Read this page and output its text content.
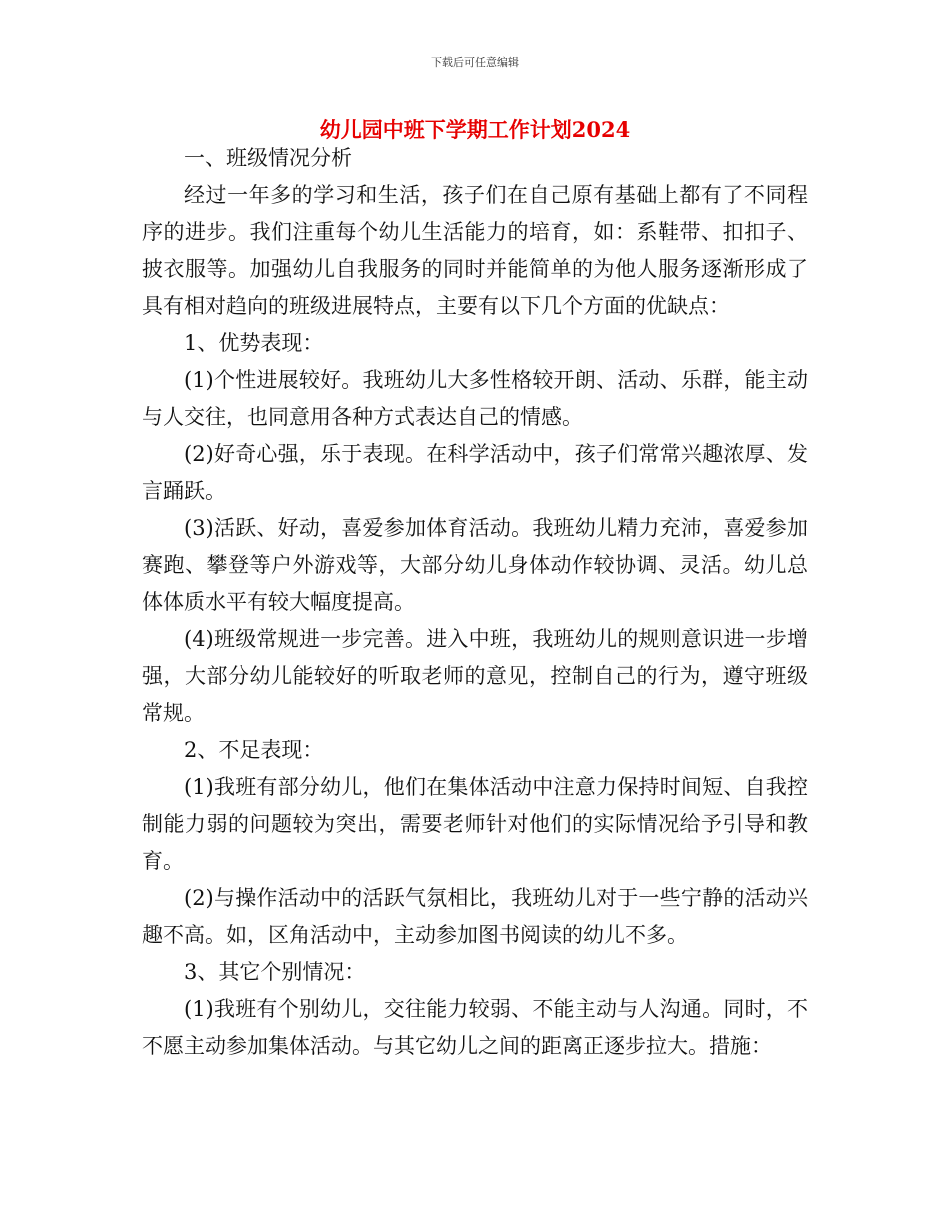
下载后可任意编辑
幼儿园中班下学期工作计划2024

一、班级情况分析

经过一年多的学习和生活，孩子们在自己原有基础上都有了不同程序的进步。我们注重每个幼儿生活能力的培育，如：系鞋带、扣扣子、披衣服等。加强幼儿自我服务的同时并能简单的为他人服务逐渐形成了具有相对趋向的班级进展特点，主要有以下几个方面的优缺点：

1、优势表现：

(1)个性进展较好。我班幼儿大多性格较开朗、活动、乐群，能主动与人交往，也同意用各种方式表达自己的情感。

(2)好奇心强，乐于表现。在科学活动中，孩子们常常兴趣浓厚、发言踊跃。

(3)活跃、好动，喜爱参加体育活动。我班幼儿精力充沛，喜爱参加赛跑、攀登等户外游戏等，大部分幼儿身体动作较协调、灵活。幼儿总体体质水平有较大幅度提高。

(4)班级常规进一步完善。进入中班，我班幼儿的规则意识进一步增强，大部分幼儿能较好的听取老师的意见，控制自己的行为，遵守班级常规。

2、不足表现：

(1)我班有部分幼儿，他们在集体活动中注意力保持时间短、自我控制能力弱的问题较为突出，需要老师针对他们的实际情况给予引导和教育。

(2)与操作活动中的活跃气氛相比，我班幼儿对于一些宁静的活动兴趣不高。如，区角活动中，主动参加图书阅读的幼儿不多。

3、其它个别情况：

(1)我班有个别幼儿，交往能力较弱、不能主动与人沟通。同时，不不愿主动参加集体活动。与其它幼儿之间的距离正逐步拉大。措施：
